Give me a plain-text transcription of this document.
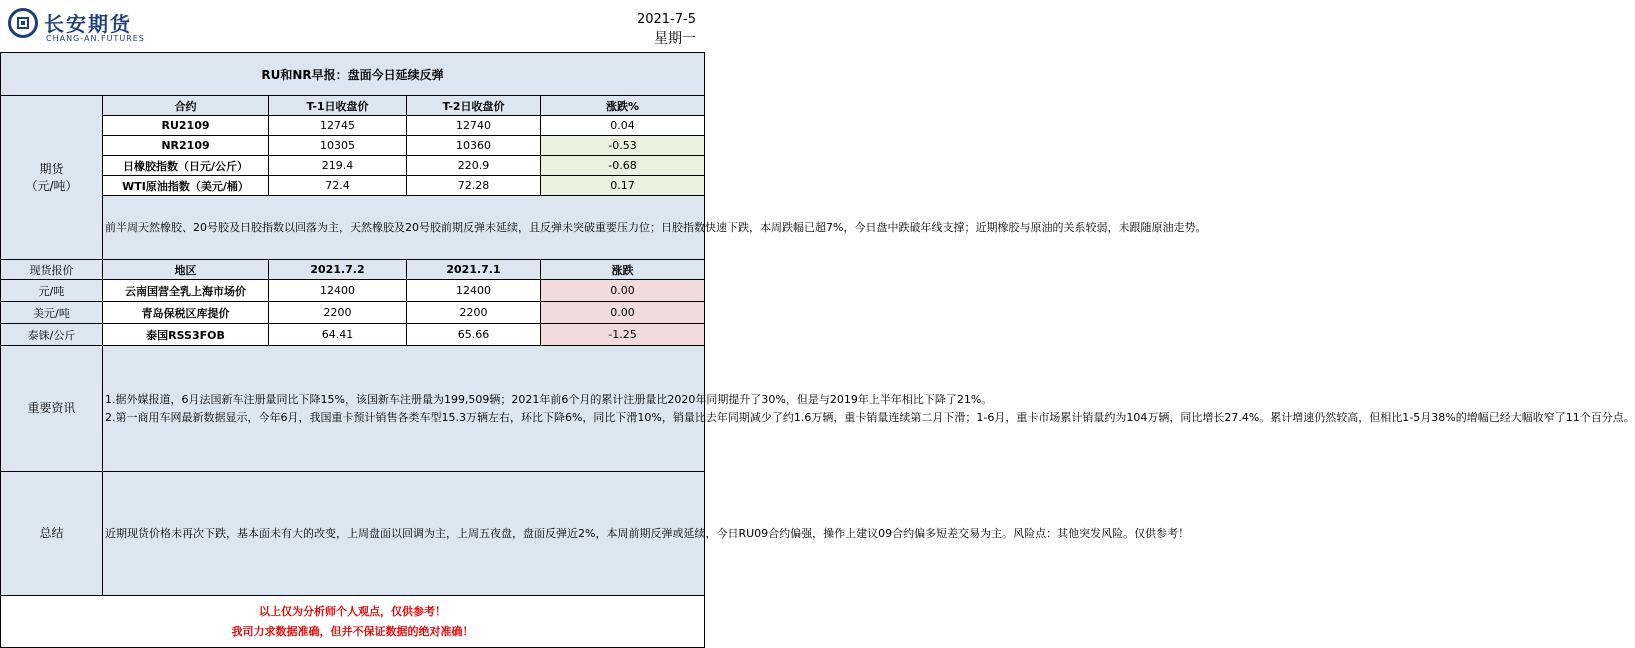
长安期货
CHANG-AN.FUTURES
2021-7-5
星期一
RU和NR早报：盘面今日延续反弹				

期货
（元/吨）	合约	T-1日收盘价	T-2日收盘价	涨跌%
	RU2109	12745	12740	0.04
	NR2109	10305	10360	-0.53
	日橡胶指数（日元/公斤）	219.4	220.9	-0.68
	WTI原油指数（美元/桶）	72.4	72.28	0.17
	前半周天然橡胶、20号胶及日胶指数以回落为主，天然橡胶及20号胶前期反弹未延续，且反弹未突破重要压力位；日胶指数快速下跌，本周跌幅已超7%，今日盘中跌破年线支撑；近期橡胶与原油的关系较弱，未跟随原油走势。			
现货报价	地区	2021.7.2	2021.7.1	涨跌
元/吨	云南国营全乳上海市场价	12400	12400	0.00
美元/吨	青岛保税区库提价	2200	2200	0.00
泰铢/公斤	泰国RSS3FOB	64.41	65.66	-1.25
重要资讯	1.据外媒报道，6月法国新车注册量同比下降15%，该国新车注册量为199,509辆；2021年前6个月的累计注册量比2020年同期提升了30%，但是与2019年上半年相比下降了21%。
2.第一商用车网最新数据显示，今年6月，我国重卡预计销售各类车型15.3万辆左右，环比下降6%，同比下滑10%，销量比去年同期减少了约1.6万辆，重卡销量连续第二月下滑；1-6月，重卡市场累计销量约为104万辆，同比增长27.4%。累计增速仍然较高，但相比1-5月38%的增幅已经大幅收窄了11个百分点。			

总结	近期现货价格未再次下跌，基本面未有大的改变，上周盘面以回调为主，上周五夜盘，盘面反弹近2%，本周前期反弹或延续，今日RU09合约偏强，操作上建议09合约偏多短差交易为主。风险点：其他突发风险。仅供参考！			

以上仅为分析师个人观点，仅供参考！
我司力求数据准确，但并不保证数据的绝对准确！				
